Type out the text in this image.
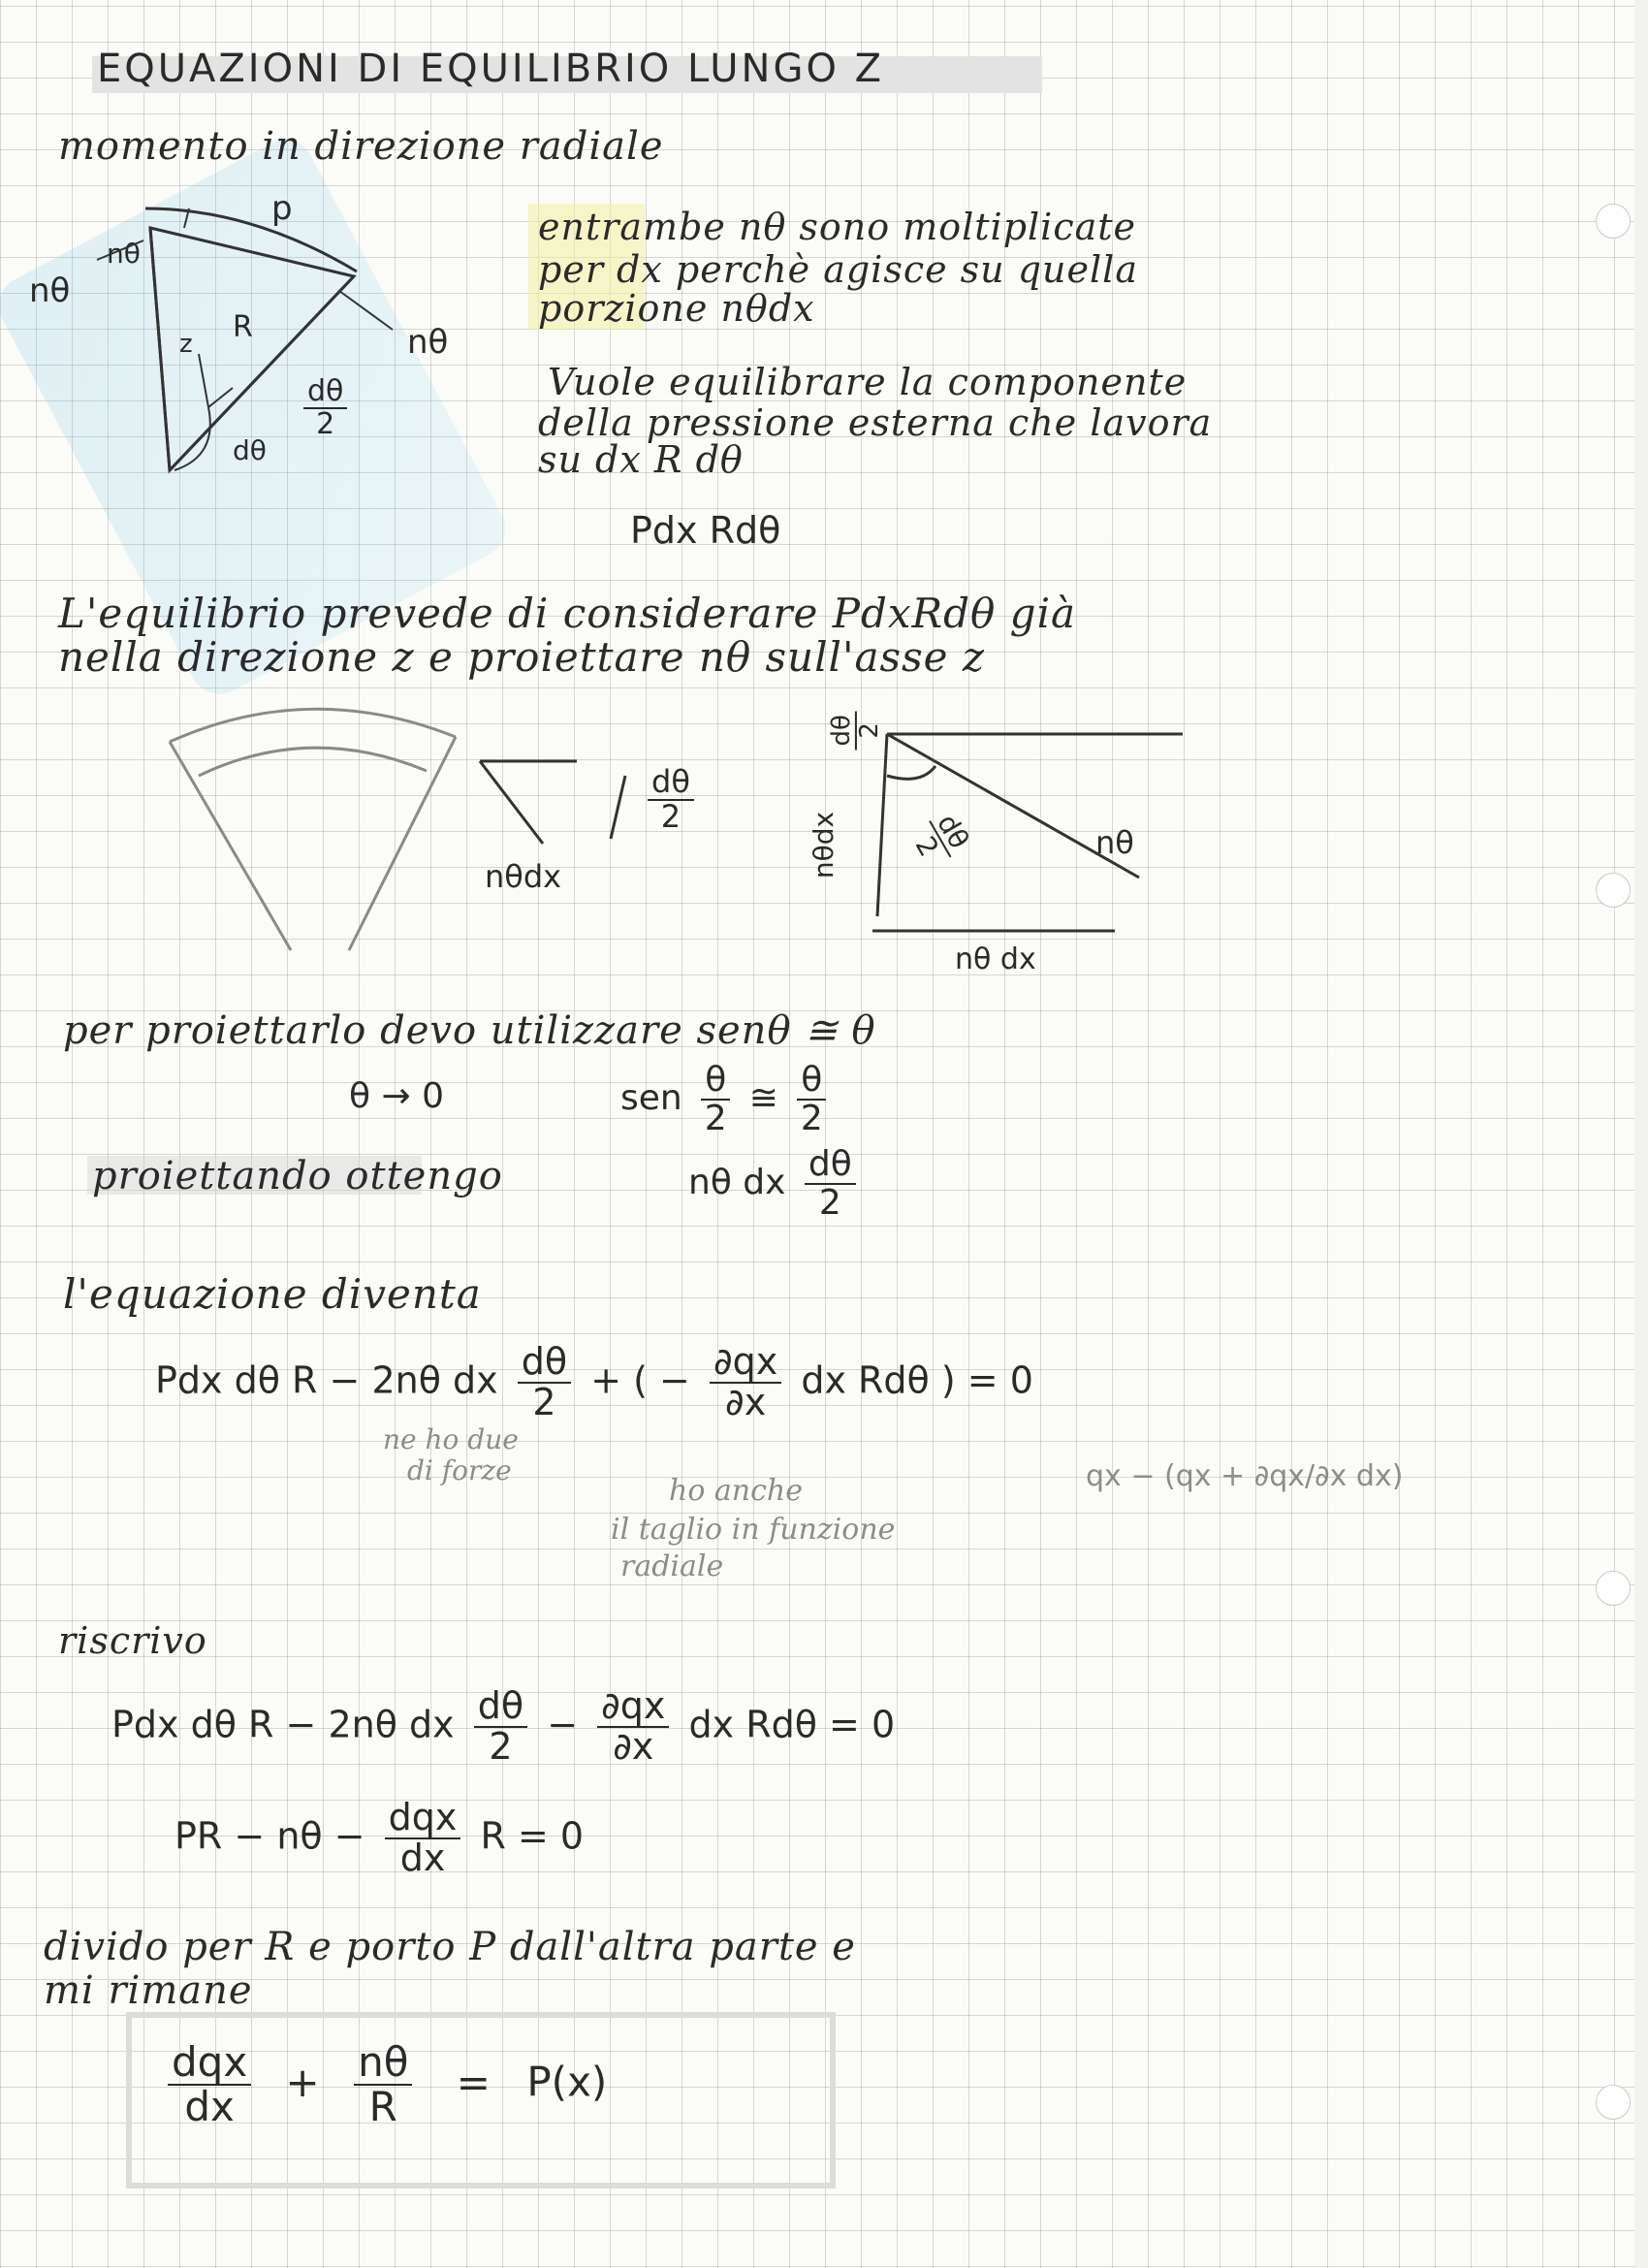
EQUAZIONI DI EQUILIBRIO LUNGO Z
momento in direzione radiale
p
nθ
nθ
nθ
z R
dθ
$\frac{d\theta}{2}$
entrambe nθ sono moltiplicate
per dx perchè agisce su quella
porzione nθdx
Vuole equilibrare la componente
della pressione esterna che lavora
su dx R dθ
Pdx Rdθ
L'equilibrio prevede di considerare PdxRdθ già
nella direzione z e proiettare nθ sull'asse z
nθdx
$\frac{d\theta}{2}$
dθ 2
nθdx	dθ
2	nθ
nθ dx
per proiettarlo devo utilizzare senθ ≅ θ
θ → 0	sen $\frac{\theta}{2}$ ≅ $\frac{\theta}{2}$
proiettando ottengo	nθ dx $\frac{d\theta}{2}$
l'equazione diventa
Pdx dθ R − 2nθ dx $\frac{d\theta}{2}$ + ( − $\frac{\partial qx}{\partial x}$ dx Rdθ ) = 0
ne ho due
di forze
ho anche
il taglio in funzione
radiale
qx − (qx + ∂qx/∂x dx)
riscrivo
Pdx dθ R − 2nθ dx $\frac{d\theta}{2} - \frac{\partial qx}{\partial x}$ dx Rdθ = 0
PR − $n\theta - \frac{\text{dqx}}{dx}$ R = 0
divido per R e porto P dall'altra parte e
mi rimane
$\frac{\text{dqx}}{dx} + \frac{n\theta}{R} = P(x)$
